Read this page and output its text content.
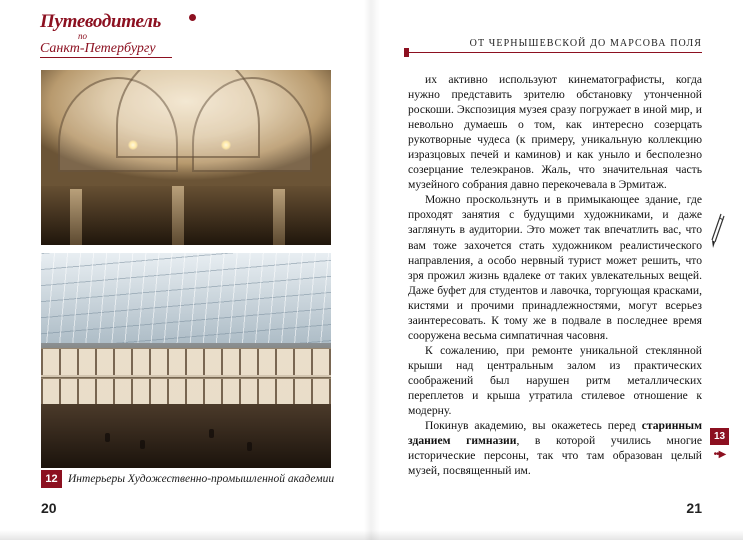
Путеводитель
по
Санкт-Петербургу
12 Интерьеры Художественно-промышленной академии
20
ОТ ЧЕРНЫШЕВСКОЙ ДО МАРСОВА ПОЛЯ

их активно используют кинематографисты, когда нужно представить зрителю обстановку утонченной роскоши. Экспозиция музея сразу погружает в иной мир, и невольно думаешь о том, как интересно созерцать рукотворные чудеса (к примеру, уникальную коллекцию изразцовых печей и каминов) и как уныло и бесполезно созерцание телеэкранов. Жаль, что значительная часть музейного собрания давно перекочевала в Эрмитаж.

Можно проскользнуть и в примыкающее здание, где проходят занятия с будущими художниками, и даже заглянуть в аудитории. Это может так впечатлить вас, что вам тоже захочется стать художником реалистического направления, а особо нервный турист может решить, что зря прожил жизнь вдалеке от таких увлекательных вещей. Даже буфет для студентов и лавочка, торгующая красками, кистями и прочими принадлежностями, могут всерьез заинтересовать. К тому же в подвале в последнее время сооружена весьма симпатичная часовня.

К сожалению, при ремонте уникальной стеклянной крыши над центральным залом из практических соображений был нарушен ритм металлических переплетов и крыша утратила стилевое отношение к модерну.

Покинув академию, вы окажетесь перед старинным зданием гимназии, в которой учились многие исторические персоны, так что там образован целый музей, посвященный им.

13
••▶
21
